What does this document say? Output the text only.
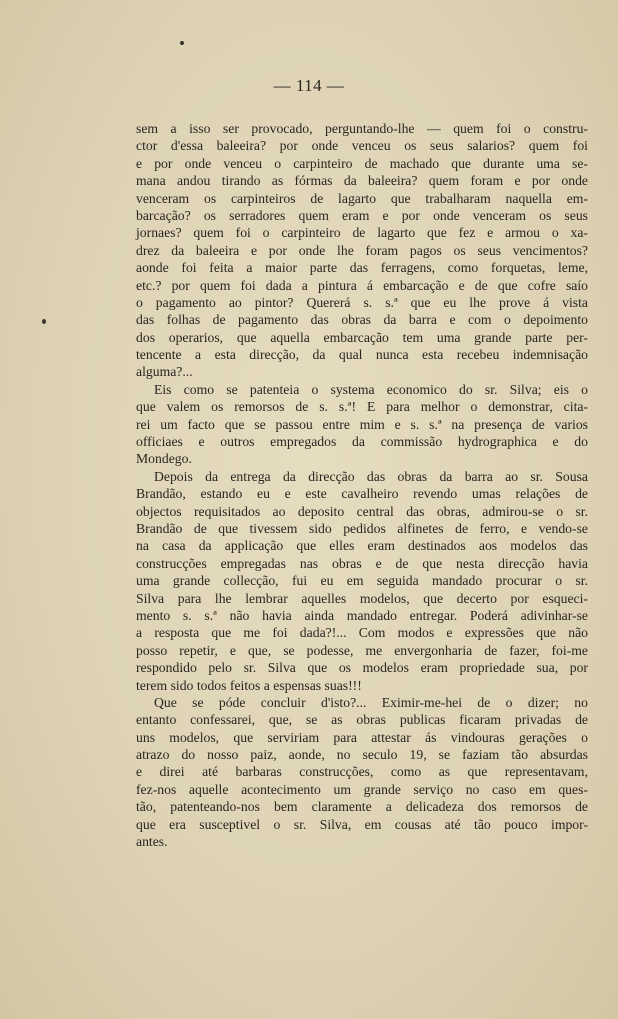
— 114 —
sem a isso ser provocado, perguntando-lhe — quem foi o constru-
ctor d'essa baleeira? por onde venceu os seus salarios? quem foi
e por onde venceu o carpinteiro de machado que durante uma se-
mana andou tirando as fórmas da baleeira? quem foram e por onde
venceram os carpinteiros de lagarto que trabalharam naquella em-
barcação? os serradores quem eram e por onde venceram os seus
jornaes? quem foi o carpinteiro de lagarto que fez e armou o xa-
drez da baleeira e por onde lhe foram pagos os seus vencimentos?
aonde foi feita a maior parte das ferragens, como forquetas, leme,
etc.? por quem foi dada a pintura á embarcação e de que cofre saío
o pagamento ao pintor? Quererá s. s.ª que eu lhe prove á vista
das folhas de pagamento das obras da barra e com o depoimento
dos operarios, que aquella embarcação tem uma grande parte per-
tencente a esta direcção, da qual nunca esta recebeu indemnisação
alguma?...
Eis como se patenteia o systema economico do sr. Silva; eis o
que valem os remorsos de s. s.ª! E para melhor o demonstrar, cita-
rei um facto que se passou entre mim e s. s.ª na presença de varios
officiaes e outros empregados da commissão hydrographica e do
Mondego.
Depois da entrega da direcção das obras da barra ao sr. Sousa
Brandão, estando eu e este cavalheiro revendo umas relações de
objectos requisitados ao deposito central das obras, admirou-se o sr.
Brandão de que tivessem sido pedidos alfinetes de ferro, e vendo-se
na casa da applicação que elles eram destinados aos modelos das
construcções empregadas nas obras e de que nesta direcção havia
uma grande collecção, fui eu em seguida mandado procurar o sr.
Silva para lhe lembrar aquelles modelos, que decerto por esqueci-
mento s. s.ª não havia ainda mandado entregar. Poderá adivinhar-se
a resposta que me foi dada?!... Com modos e expressões que não
posso repetir, e que, se podesse, me envergonharia de fazer, foi-me
respondido pelo sr. Silva que os modelos eram propriedade sua, por
terem sido todos feitos a espensas suas!!!
Que se póde concluir d'isto?... Eximir-me-hei de o dizer; no
entanto confessarei, que, se as obras publicas ficaram privadas de
uns modelos, que serviriam para attestar ás vindouras gerações o
atrazo do nosso paiz, aonde, no seculo 19, se faziam tão absurdas
e direi até barbaras construcções, como as que representavam,
fez-nos aquelle acontecimento um grande serviço no caso em ques-
tão, patenteando-nos bem claramente a delicadeza dos remorsos de
que era susceptivel o sr. Silva, em cousas até tão pouco impor-
antes.
